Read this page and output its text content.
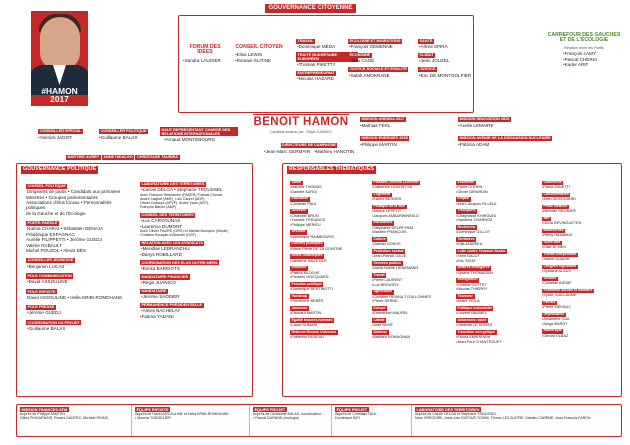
#HAMON
2017
GOUVERNANCE CITOYENNE
FORUM DES IDÉES
• Sandra LAUGIER
CONSEIL CITOYEN
• Elisa LEWIS
• Romain SLITINE
TRAVAIL
• Dominique MÉDA
TRAITÉ BUDGÉTAIRE EUROPÉEN
• Thomas PIKETTY
ENTREPRENEURIAT
• Nicolas HAZARD
ÉCOLOGIE ET MIGRATIONS
• François GEMENNE
ÉCONOMIE
• Julia CAGÉ
JUSTICE SOCIALE ET ÉGALITÉ
• Salah AMOKRANE
SANTÉ
• Alfred SPIRA
CLIMAT
• Jean JOUZEL
JUSTICE
• Eric DE MONTGOLFIER
CARREFOUR DES GAUCHES ET DE L'ÉCOLOGIE
Relation avec les Partis
• François LAMY
• Pascal CHERKI
• Kader ARIF
CONSEILLER SPÉCIAL
• Yannick JADOT
CONSEILLER POLITIQUE
• Guillaume BALAS
MARTINE AUBRY ANNE HIDALGO CHRISTIANE TAUBIRA
HAUT REPRÉSENTANT CHARGÉ DES RELATIONS INTERNATIONALES
• Arnaud MONTEBOURG
BENOIT HAMON
Candidat soutenu par : Régis JUANICO
DIRECTEURS DE CAMPAGNE
• Jean-Marc GERMAIN • Mathieu HANOTIN
MISSION AGENDA 2017
• Mathias FEKL
MISSION INNOVATION 2025
• Axelle LEMAIRE
MISSION ÉNERGIES 2025
• Philippe MARTIN
MISSION AVENIR DE LA DISSUASION NUCLÉAIRE
• Patricia ADAM
GOUVERNANCE POLITIQUE
CONSEIL POLITIQUE
Dirigeants de partis • Candidats aux primaires
Ministres • Groupes parlementaires
Associations d'élus locaux • Personnalités politiques
de la Gauche et de l'Écologie
PORTE-PAROLE
Naïma CHARAI • Sébastien DENAJA
Frédérique ESPAGNAC
Aurélie FILIPPETTI • Jérôme GUEDJ
Valérie RABAULT
Michel POUZOL • Alexis BÈS
CONSEILLER JEUNESSE
• Benjamin LUCAS
POLE COMMUNICATION
• David ASSOULINE
POLE RIPOSTE
David ASSOULINE • Hella KRIBI-ROMDHANE
POLE PRESSE
• Jérome GUEDJ
COORDINATION DU PROJET
• Guillaume BALAS
LABORATOIRE DES TERRITOIRES
• Carole DELGA • Stéphane TROUSSEL
Avec François Rebsamen (FADER) Francis Chouat,
André Laignel (AMF), Loïc Cauret (ADF),
Olivier Dussopt (APVF), André Viola (ADF),
François Baroin (AMF)
CONSEIL DES TERRITOIRES
• Luc CARVOUNAS
• Laurence DUMONT
Avec Olivier FAURE (GRG) et Martial Bourquin (Sénat),
Christine Bouquin d'Albertini (DGF)
RELATION AVEC LES SYNDICATS
• Mendlas LEBRANCHU
• Danys ROBILLARD
COORDINATION DES ÉLUS OUTRE-MERS
• Ericka BAREIGTS
MANDATAIRE FINANCIER
• Régis JUANICO
MANDATAIRE
• Jérome SADDIER
PERMANENCE PRÉSIDENTIELLE
• Alexis BACHELAY
• Fatima YADANI
RESPONSABLES THÉMATIQUES
Santé
• Isabelle THOMAS
• Daniele AUROI
Éducation
• Christian PAUL
Diversité
• Charlotte BRUN
• Yannick TRIGANCE
• Philippe MERIEU
Sécurité
• Dominique RAIMBOURG
Libertés publiques
• Marie-Pierre DE LA GONTRIE
Droits numériques
• Sandrine MAZETIER
Industrie
• Patrick BLOCHE
• Frédéric HOCQUARD
Fonction publique
• Dominique BERTINOTTI
Handicap
• Pervenche BERÈS
Jeunesse
• Édouard MARTIN
Égalité femmes-hommes
• Laura SLIMANI
Réforme Revenu Universel
• Fabienne BUREAU
Fiscalité, Revenu Universel
• Catherine LEMORTON
Logement
• Karine BERGER
Politique de la ville
• Annick LEPETIT
• Jacques AMBARWINKELD
Institutions
• Stéphanie DELPEYRAT
• Bastien FRANÇOIS
Culture
• Gaëtan GORCE
Protection sociale
• Jean-Patrick GILLE
Services publics
• Marie-Noëlle LIENEMANN
Travail
• Pierre LAURENT
• Luc BROUSSY
Agriculture
• Christine REVAULT D'ALLONNES
• Pierre SERNE
Europe
• Emmanuel MAUREL
Laïcité
• José BOVÉ
Défense
• Barbara ROMAGNAN
Économie
• Pierre COHEN
• Olivier GIRARDIN
Emploi
• Jean-Jacques FILLEUL
Transports
• Chaynesse KHIROUNI
• Sandrine CHARNOZ
Recherche
• Dominique GILLOT
Territoires
• Kilia ANDRIEU
Lutte contre l'évasion fiscale
• Yann GALUT
• Eric SIGAT
Affaires étrangères
• Sylvine THOMASSIN
Immigration
• Chantal GUTTET
• Nicolas THIERRY
Tourisme
• André VIOLA
Politique industrielle
• Laurent BAUMEL
Urbanisme, sport
• Vivianne LE DISSEZ
Transition énergétique
• Pouria AMIRSHAHI
• Jean-Paul CHANTEGUET
Commerce
• Paola ZANETTI
Consommation
• Jean DESESSARD
Petite enfance
• Michelle MEUNIER
Mer
• Olivia DEVINGUETEN
Biodiversité
• Rémy HAMMADI
Outre-mer
• Élise DI MEO
Travail indépendant
• Yanne GUAZIN
Langues régionales
• Sylvaine ALAUX
Seniors
• Christian ASSAF
Économie sociale et solidaire
• Sylvie GUILLAUME
Famille
• Pierre MÉHAUX
Dépendance
• Amandine GUIL
• Serge BARDY
Numérique
• Gérard ELBAZ
MISSION FINANCES-SFM
Auprès de Philippe MARTIN :
Gilles PINGUENAIS, Roxani DANTEC, Michèle RIVASI
ÉQUIPE RIPOSTE
Auprès de David ASSOULINE et Hella KRIBI-ROMDHANE :
• Mounia TONGELIER
ÉQUIPE PROJET
Auprès de Guillaume BALAS, coordinateur :
• Pascal DURAND (écologie)
ÉQUIPE PROJET
Auprès de Christian PAUL :
Dominique BEY
LABORATOIRE DES TERRITOIRES
Auprès de Carole DELGA et Stéphane TROUSSEL :
Marc GRÉGOIRE, Anne-Lise DUFOUR-TONINI, Florian LECOULTRE, Damien CARÊME, Jean-François FARON
